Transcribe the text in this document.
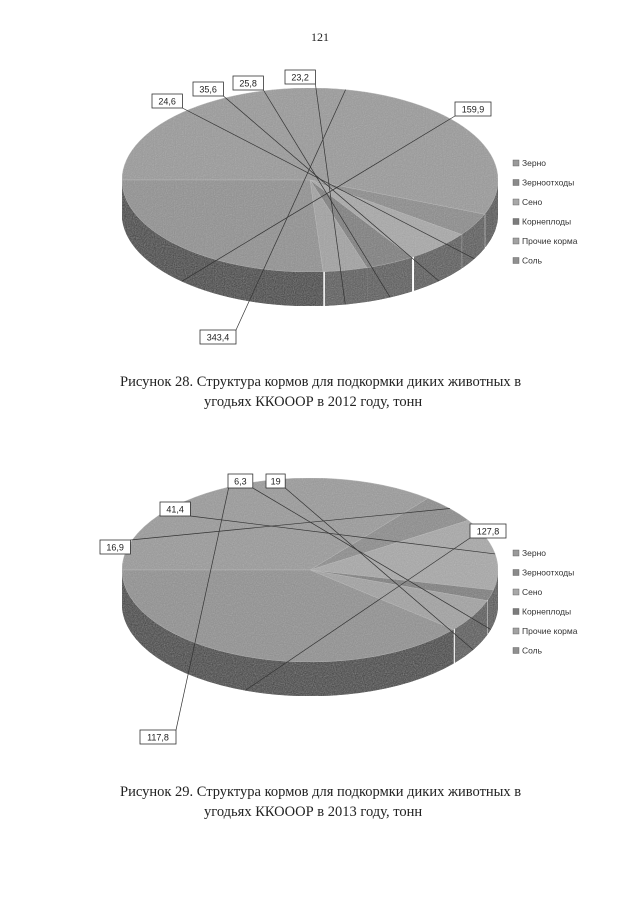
121
343,4
24,6
35,6
25,8
23,2
159,9
Зерно
Зерноотходы
Сено
Корнеплоды
Прочие корма
Соль
Рисунок 28. Структура кормов для подкормки диких животных в
угодьях ККОООР в 2012 году, тонн
117,8
16,9
41,4
6,3	19
127,8
Зерно
Зерноотходы
Сено
Корнеплоды
Прочие корма
Соль
Рисунок 29. Структура кормов для подкормки диких животных в
угодьях ККОООР в 2013 году, тонн
